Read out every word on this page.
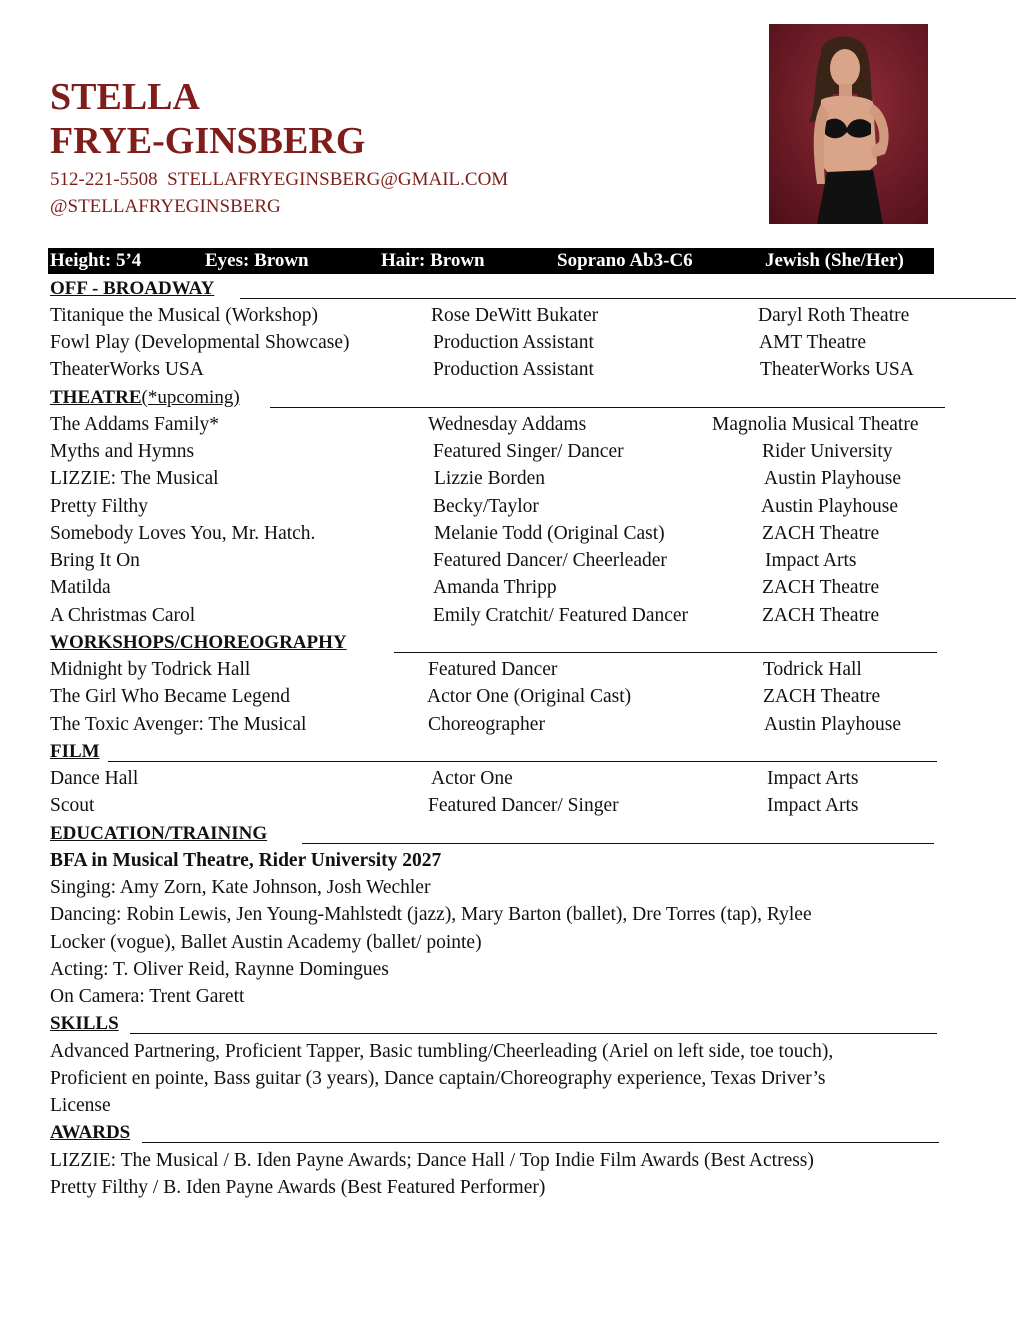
STELLA
FRYE-GINSBERG
512-221-5508 STELLAFRYEGINSBERG@GMAIL.COM
@STELLAFRYEGINSBERG
Height: 5’4	Eyes: Brown	Hair: Brown	Soprano Ab3-C6	Jewish (She/Her)
OFF - BROADWAY
Titanique the Musical (Workshop)	Rose DeWitt Bukater	Daryl Roth Theatre
Fowl Play (Developmental Showcase)	Production Assistant	AMT Theatre
TheaterWorks USA	Production Assistant	TheaterWorks USA
THEATRE(*upcoming)
The Addams Family*	Wednesday Addams	Magnolia Musical Theatre
Myths and Hymns	Featured Singer/ Dancer	Rider University
LIZZIE: The Musical	Lizzie Borden	Austin Playhouse
Pretty Filthy	Becky/Taylor	Austin Playhouse
Somebody Loves You, Mr. Hatch.	Melanie Todd (Original Cast)	ZACH Theatre
Bring It On	Featured Dancer/ Cheerleader	Impact Arts
Matilda	Amanda Thripp	ZACH Theatre
A Christmas Carol	Emily Cratchit/ Featured Dancer	ZACH Theatre
WORKSHOPS/CHOREOGRAPHY
Midnight by Todrick Hall	Featured Dancer	Todrick Hall
The Girl Who Became Legend	Actor One (Original Cast)	ZACH Theatre
The Toxic Avenger: The Musical	Choreographer	Austin Playhouse
FILM
Dance Hall	Actor One	Impact Arts
Scout	Featured Dancer/ Singer	Impact Arts
EDUCATION/TRAINING
BFA in Musical Theatre, Rider University 2027
Singing: Amy Zorn, Kate Johnson, Josh Wechler
Dancing: Robin Lewis, Jen Young-Mahlstedt (jazz), Mary Barton (ballet), Dre Torres (tap), Rylee
Locker (vogue), Ballet Austin Academy (ballet/ pointe)
Acting: T. Oliver Reid, Raynne Domingues
On Camera: Trent Garett
SKILLS
Advanced Partnering, Proficient Tapper, Basic tumbling/Cheerleading (Ariel on left side, toe touch),
Proficient en pointe, Bass guitar (3 years), Dance captain/Choreography experience, Texas Driver’s
License
AWARDS
LIZZIE: The Musical / B. Iden Payne Awards; Dance Hall / Top Indie Film Awards (Best Actress)
Pretty Filthy / B. Iden Payne Awards (Best Featured Performer)
